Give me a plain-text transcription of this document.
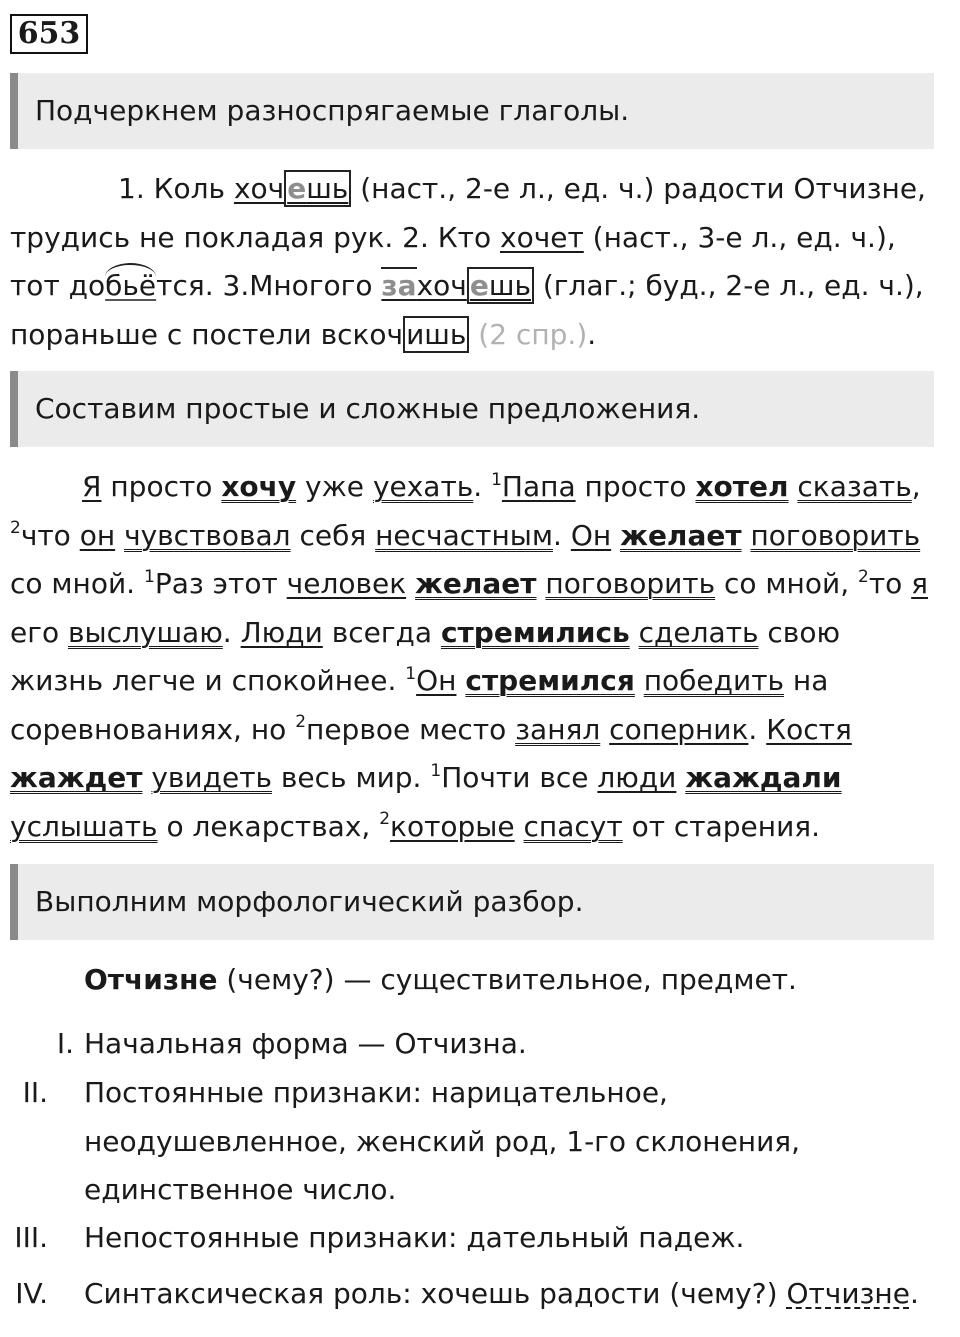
653
Подчеркнем разноспрягаемые глаголы.

1. Коль хоч ешь (наст., 2-е л., ед. ч.) радости Отчизне, трудись не покладая рук. 2. Кто хочет (наст., 3-е л., ед. ч.), тот добьётся. 3.Многого захоч ешь (глаг.; буд., 2-е л., ед. ч.), пораньше с постели вскоч ишь (2 спр.).

Составим простые и сложные предложения.

Я просто хочу уже уехать. $^1$Папа просто хотел сказать, $^2$что он чувствовал себя несчастным. Он желает поговорить со мной. $^1$Раз этот человек желает поговорить со мной, $^2$то я его выслушаю. Люди всегда стремились сделать свою жизнь легче и спокойнее. $^1$Он стремился победить на соревнованиях, но $^2$первое место занял соперник. Костя жаждет увидеть весь мир. $^1$Почти все люди жаждали услышать о лекарствах, $^2$которые спасут от старения.

Выполним морфологический разбор.

Отчизне (чему?) — существительное, предмет.

I. Начальная форма — Отчизна.
II. Постоянные признаки: нарицательное, неодушевленное, женский род, 1-го склонения, единственное число.
III. Непостоянные признаки: дательный падеж.
IV. Синтаксическая роль: хочешь радости (чему?) Отчизне.
